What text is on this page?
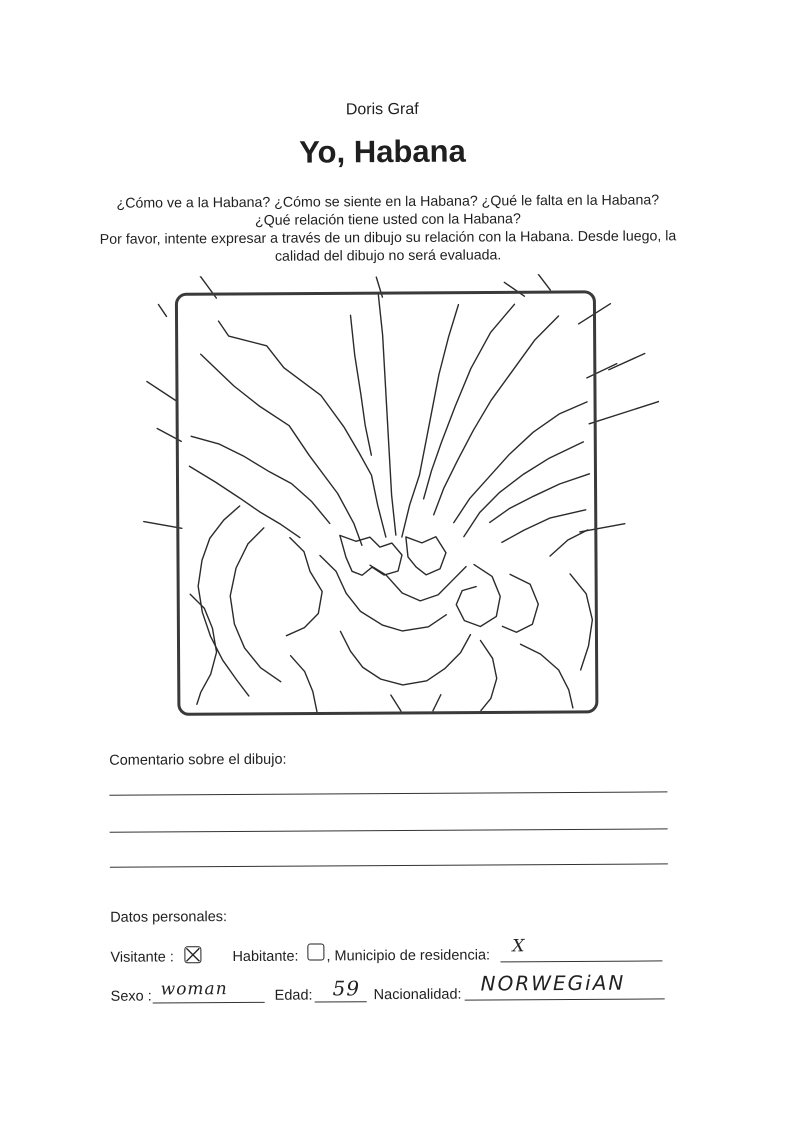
Doris Graf
Yo, Habana

¿Cómo ve a la Habana? ¿Cómo se siente en la Habana? ¿Qué le falta en la Habana? ¿Qué relación tiene usted con la Habana?

Por favor, intente expresar a través de un dibujo su relación con la Habana. Desde luego, la calidad del dibujo no será evaluada.

Comentario sobre el dibujo:
Datos personales:
Visitante :	Habitante: , Municipio de residencia: X
Sexo : woman	Edad: 59 Nacionalidad: NORWEGiAN
